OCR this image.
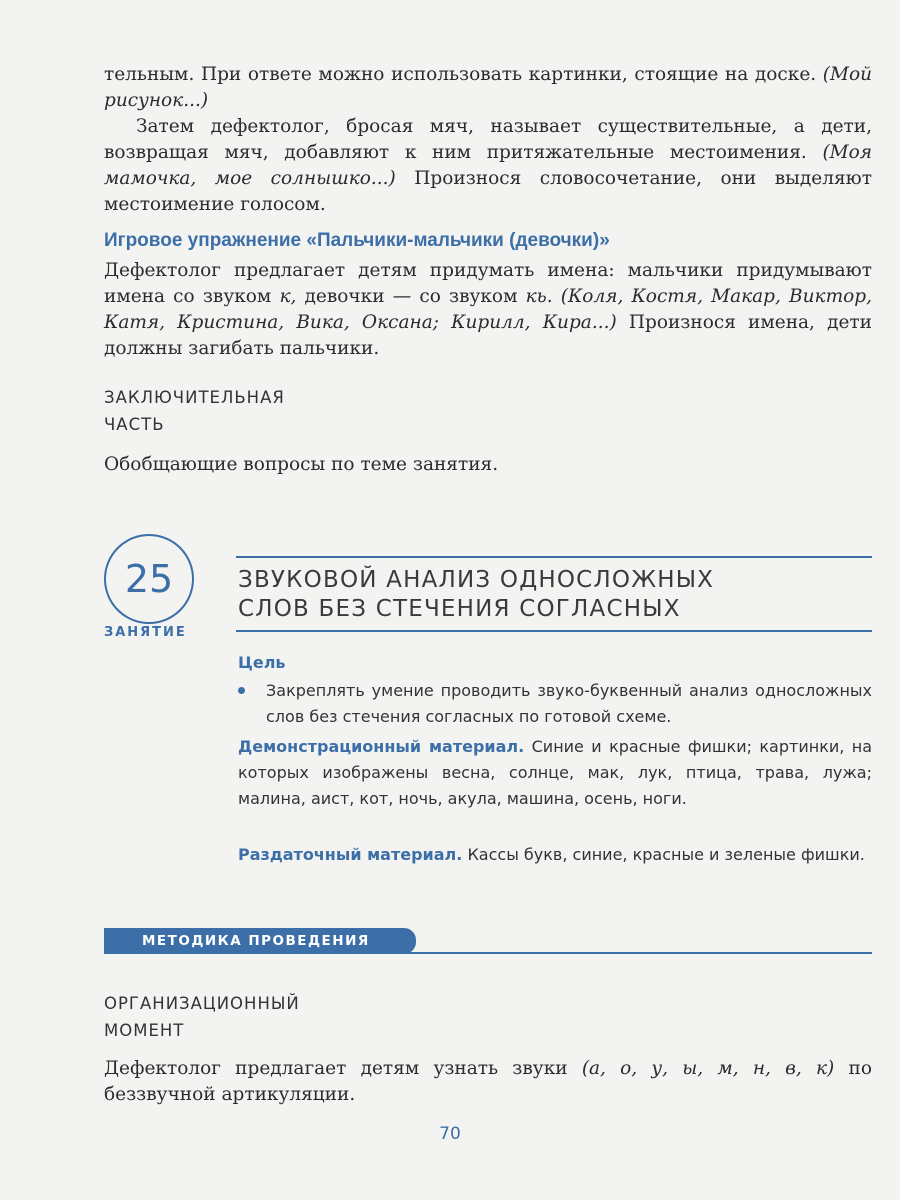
тельным. При ответе можно использовать картинки, стоящие на доске. (Мой рисунок...)
Затем дефектолог, бросая мяч, называет существительные, а дети, возвращая мяч, добавляют к ним притяжательные местоимения. (Моя мамочка, мое солнышко...) Произнося словосочетание, они выделяют местоимение голосом.
Игровое упражнение «Пальчики-мальчики (девочки)»
Дефектолог предлагает детям придумать имена: мальчики придумывают имена со звуком к, девочки — со звуком кь. (Коля, Костя, Макар, Виктор, Катя, Кристина, Вика, Оксана; Кирилл, Кира...) Произнося имена, дети должны загибать пальчики.
ЗАКЛЮЧИТЕЛЬНАЯ
ЧАСТЬ
Обобщающие вопросы по теме занятия.
25
ЗАНЯТИЕ
ЗВУКОВОЙ АНАЛИЗ ОДНОСЛОЖНЫХ
СЛОВ БЕЗ СТЕЧЕНИЯ СОГЛАСНЫХ
Цель
Закреплять умение проводить звуко-буквенный анализ односложных слов без стечения согласных по готовой схеме.
Демонстрационный материал. Синие и красные фишки; картинки, на которых изображены весна, солнце, мак, лук, птица, трава, лужа; малина, аист, кот, ночь, акула, машина, осень, ноги.
Раздаточный материал. Кассы букв, синие, красные и зеленые фишки.
МЕТОДИКА ПРОВЕДЕНИЯ
ОРГАНИЗАЦИОННЫЙ
МОМЕНТ
Дефектолог предлагает детям узнать звуки (а, о, у, ы, м, н, в, к) по беззвучной артикуляции.
70
